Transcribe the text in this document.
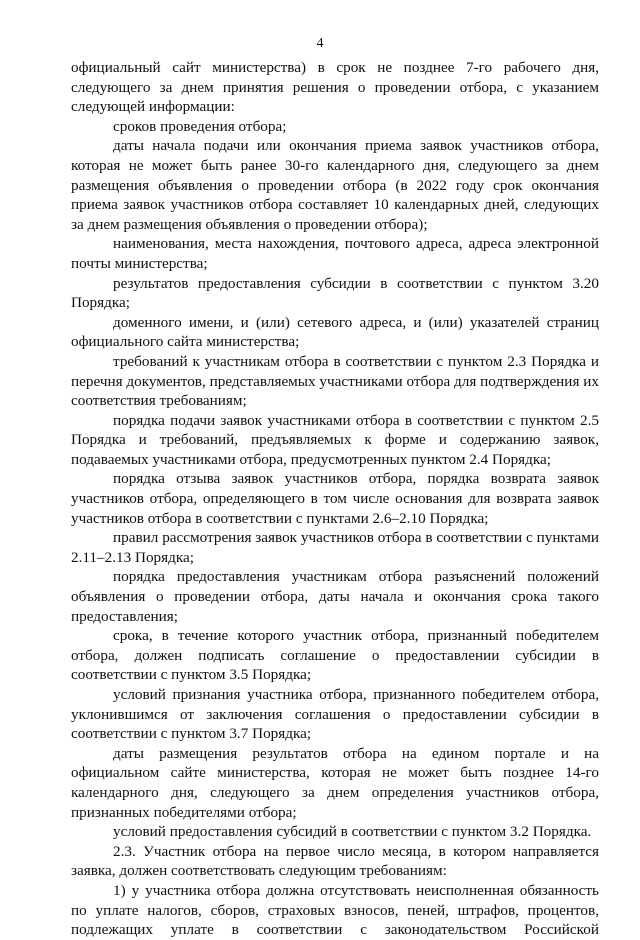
4

официальный сайт министерства) в срок не позднее 7-го рабочего дня, следующего за днем принятия решения о проведении отбора, с указанием следующей информации:

сроков проведения отбора;

даты начала подачи или окончания приема заявок участников отбора, которая не может быть ранее 30-го календарного дня, следующего за днем размещения объявления о проведении отбора (в 2022 году срок окончания приема заявок участников отбора составляет 10 календарных дней, следующих за днем размещения объявления о проведении отбора);

наименования, места нахождения, почтового адреса, адреса электронной почты министерства;

результатов предоставления субсидии в соответствии с пунктом 3.20 Порядка;

доменного имени, и (или) сетевого адреса, и (или) указателей страниц официального сайта министерства;

требований к участникам отбора в соответствии с пунктом 2.3 Порядка и перечня документов, представляемых участниками отбора для подтверждения их соответствия требованиям;

порядка подачи заявок участниками отбора в соответствии с пунктом 2.5 Порядка и требований, предъявляемых к форме и содержанию заявок, подаваемых участниками отбора, предусмотренных пунктом 2.4 Порядка;

порядка отзыва заявок участников отбора, порядка возврата заявок участников отбора, определяющего в том числе основания для возврата заявок участников отбора в соответствии с пунктами 2.6–2.10 Порядка;

правил рассмотрения заявок участников отбора в соответствии с пунктами 2.11–2.13 Порядка;

порядка предоставления участникам отбора разъяснений положений объявления о проведении отбора, даты начала и окончания срока такого предоставления;

срока, в течение которого участник отбора, признанный победителем отбора, должен подписать соглашение о предоставлении субсидии в соответствии с пунктом 3.5 Порядка;

условий признания участника отбора, признанного победителем отбора, уклонившимся от заключения соглашения о предоставлении субсидии в соответствии с пунктом 3.7 Порядка;

даты размещения результатов отбора на едином портале и на официальном сайте министерства, которая не может быть позднее 14-го календарного дня, следующего за днем определения участников отбора, признанных победителями отбора;

условий предоставления субсидий в соответствии с пунктом 3.2 Порядка.

2.3. Участник отбора на первое число месяца, в котором направляется заявка, должен соответствовать следующим требованиям:

1) у участника отбора должна отсутствовать неисполненная обязанность по уплате налогов, сборов, страховых взносов, пеней, штрафов, процентов, подлежащих уплате в соответствии с законодательством Российской
